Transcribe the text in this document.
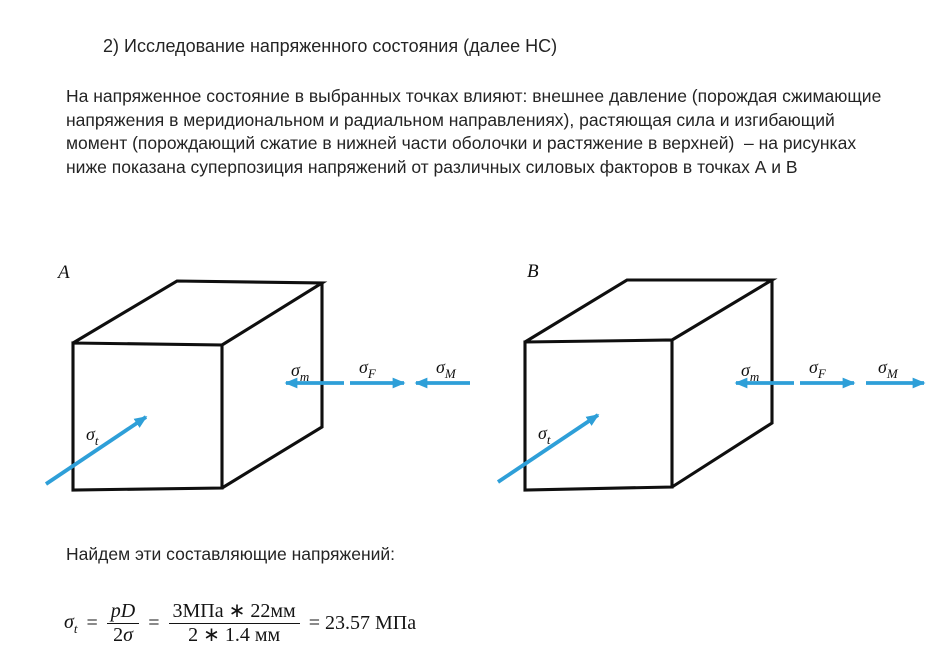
2) Исследование напряженного состояния (далее НС)
На напряженное состояние в выбранных точках влияют: внешнее давление (порождая сжимающие
напряжения в меридиональном и радиальном направлениях), растяющая сила и изгибающий
момент (порождающий сжатие в нижней части оболочки и растяжение в верхней)  – на рисунках
ниже показана суперпозиция напряжений от различных силовых факторов в точках А и В
A
$\sigma_t$
$\sigma_m$	$\sigma_F$	$\sigma_M$
B
$\sigma_t$
$\sigma_m$	$\sigma_F$	$\sigma_M$
Найдем эти составляющие напряжений:
$\sigma_t = \frac{pD}{2\sigma} = \frac{\text{3МПа ∗ 22мм}}{2 ∗ 1.4 мм} = 23.57$ МПа
